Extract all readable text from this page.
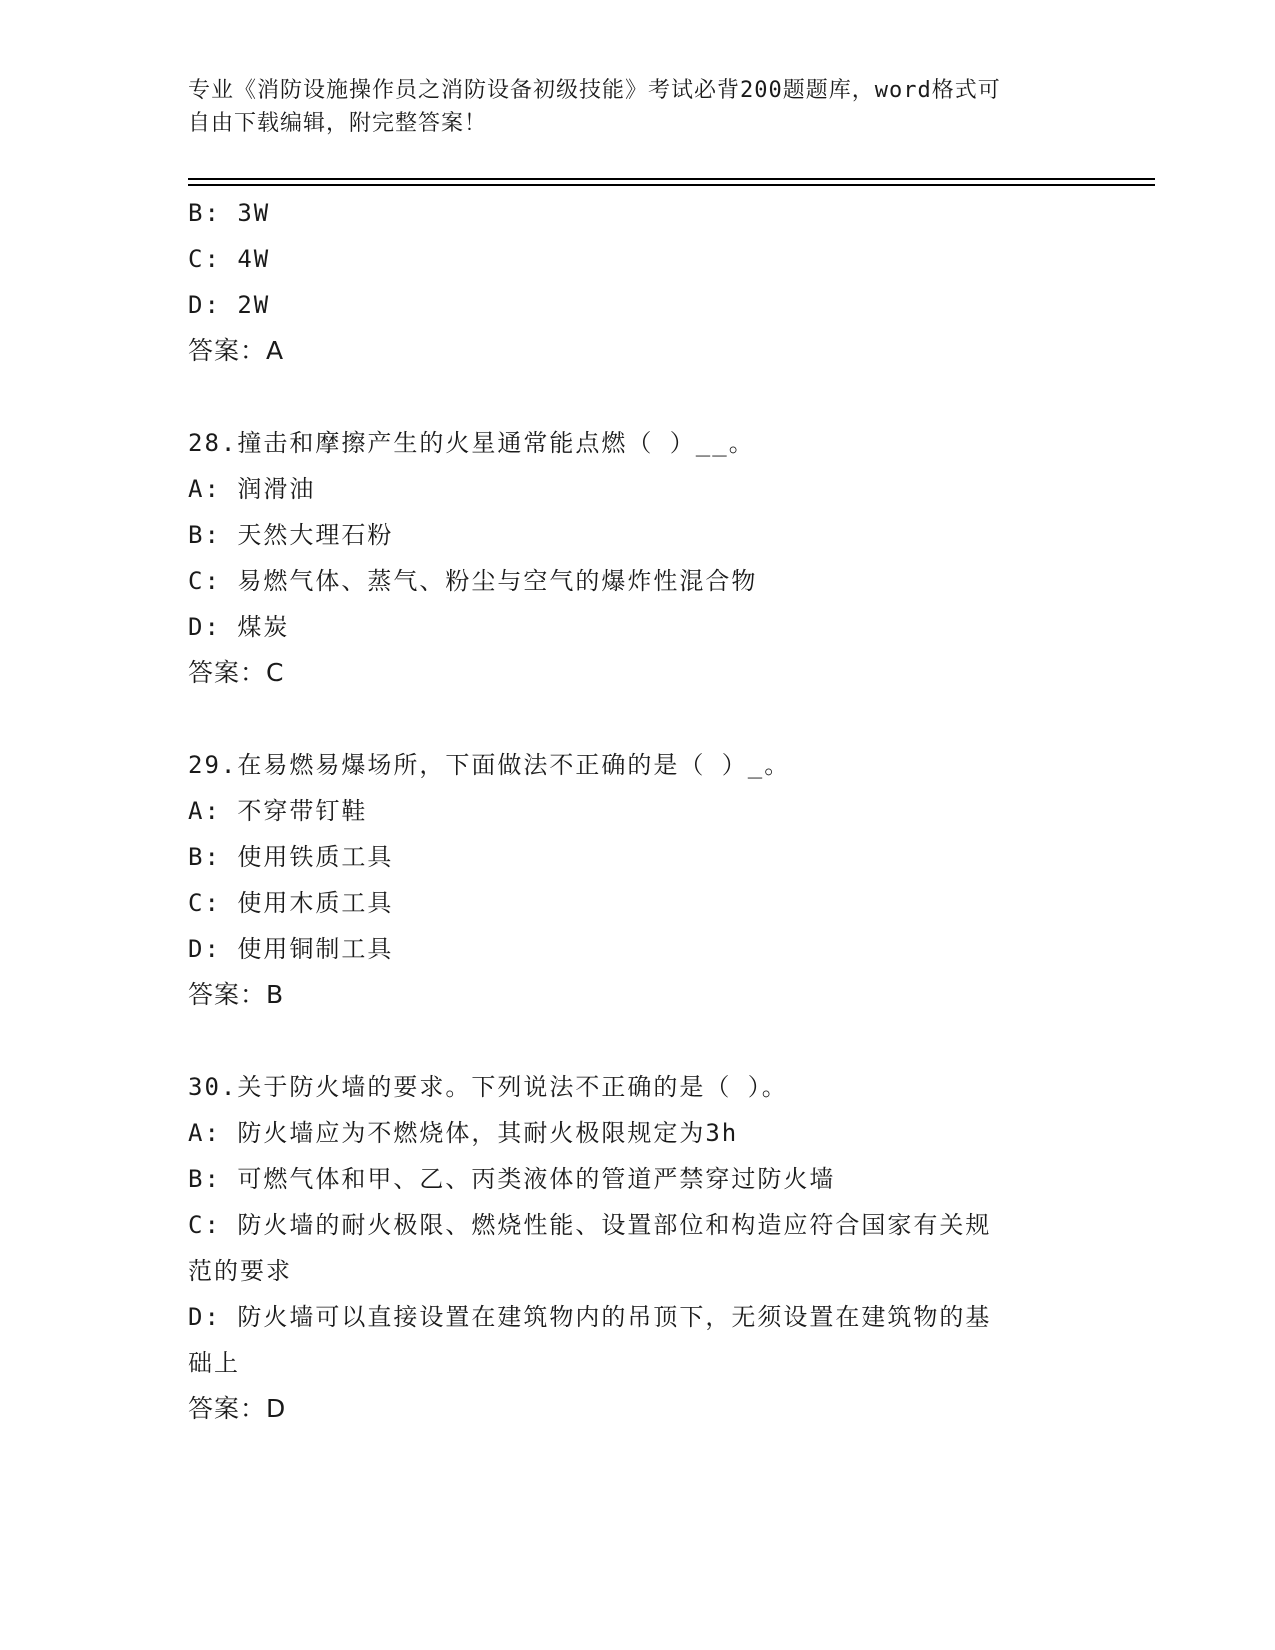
专业《消防设施操作员之消防设备初级技能》考试必背200题题库，word格式可
自由下载编辑，附完整答案！
B: 3W
C: 4W
D: 2W
答案：A
28.撞击和摩擦产生的火星通常能点燃（ ）__。
A: 润滑油
B: 天然大理石粉
C: 易燃气体、蒸气、粉尘与空气的爆炸性混合物
D: 煤炭
答案：C
29.在易燃易爆场所，下面做法不正确的是（ ）_。
A: 不穿带钉鞋
B: 使用铁质工具
C: 使用木质工具
D: 使用铜制工具
答案：B
30.关于防火墙的要求。下列说法不正确的是（ ）。
A: 防火墙应为不燃烧体，其耐火极限规定为3h
B: 可燃气体和甲、乙、丙类液体的管道严禁穿过防火墙
C: 防火墙的耐火极限、燃烧性能、设置部位和构造应符合国家有关规
范的要求
D: 防火墙可以直接设置在建筑物内的吊顶下，无须设置在建筑物的基
础上
答案：D
